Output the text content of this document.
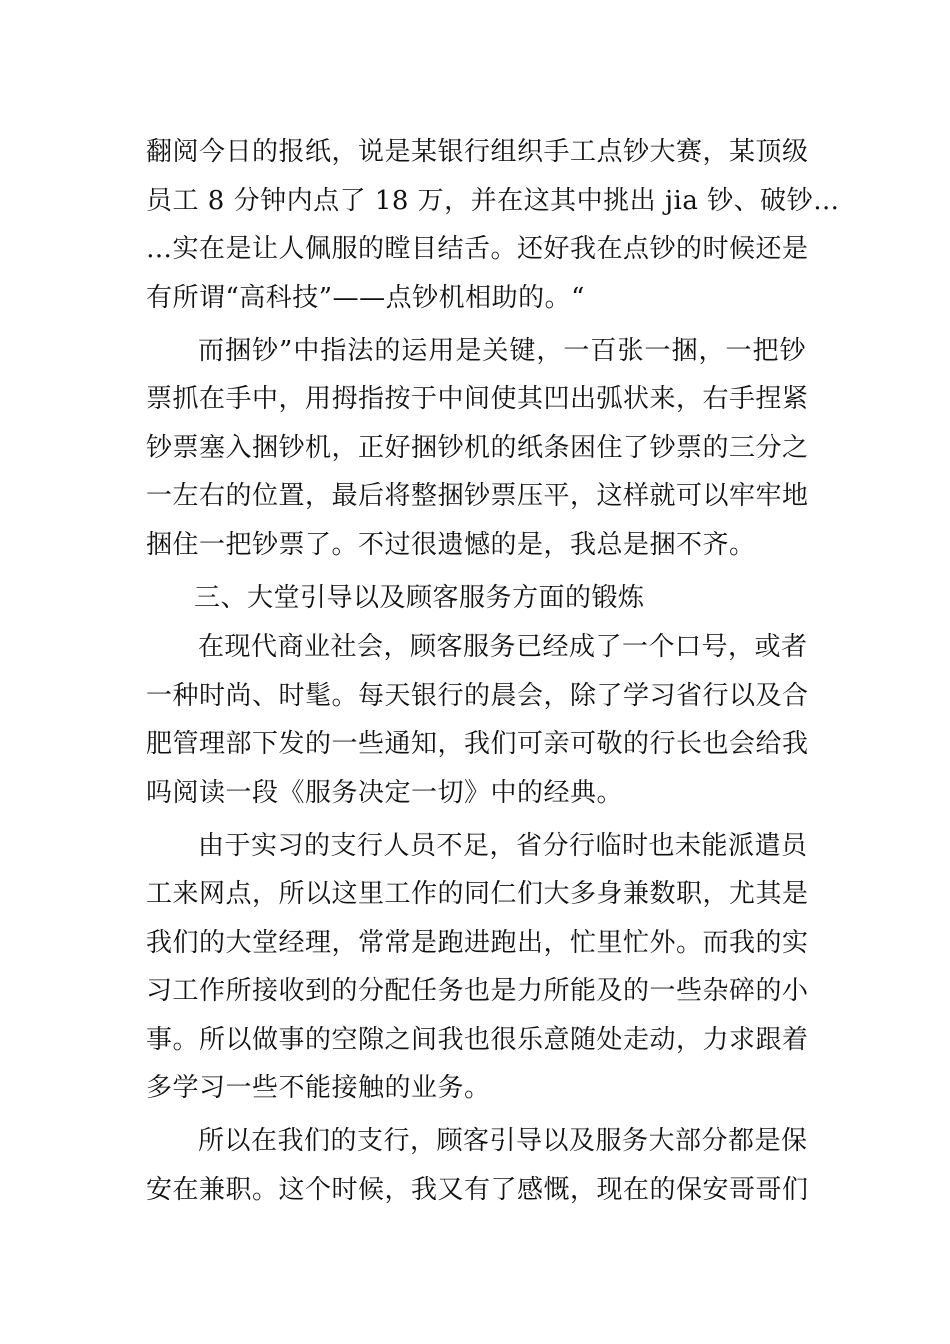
翻阅今日的报纸，说是某银行组织手工点钞大赛，某顶级
员工 8 分钟内点了 18 万，并在这其中挑出 jia 钞、破钞…
…实在是让人佩服的瞠目结舌。还好我在点钞的时候还是
有所谓“高科技”——点钞机相助的。“
而捆钞”中指法的运用是关键，一百张一捆，一把钞
票抓在手中，用拇指按于中间使其凹出弧状来，右手捏紧
钞票塞入捆钞机，正好捆钞机的纸条困住了钞票的三分之
一左右的位置，最后将整捆钞票压平，这样就可以牢牢地
捆住一把钞票了。不过很遗憾的是，我总是捆不齐。
三、大堂引导以及顾客服务方面的锻炼
在现代商业社会，顾客服务已经成了一个口号，或者
一种时尚、时髦。每天银行的晨会，除了学习省行以及合
肥管理部下发的一些通知，我们可亲可敬的行长也会给我
吗阅读一段《服务决定一切》中的经典。
由于实习的支行人员不足，省分行临时也未能派遣员
工来网点，所以这里工作的同仁们大多身兼数职，尤其是
我们的大堂经理，常常是跑进跑出，忙里忙外。而我的实
习工作所接收到的分配任务也是力所能及的一些杂碎的小
事。所以做事的空隙之间我也很乐意随处走动，力求跟着
多学习一些不能接触的业务。
所以在我们的支行，顾客引导以及服务大部分都是保
安在兼职。这个时候，我又有了感慨，现在的保安哥哥们
